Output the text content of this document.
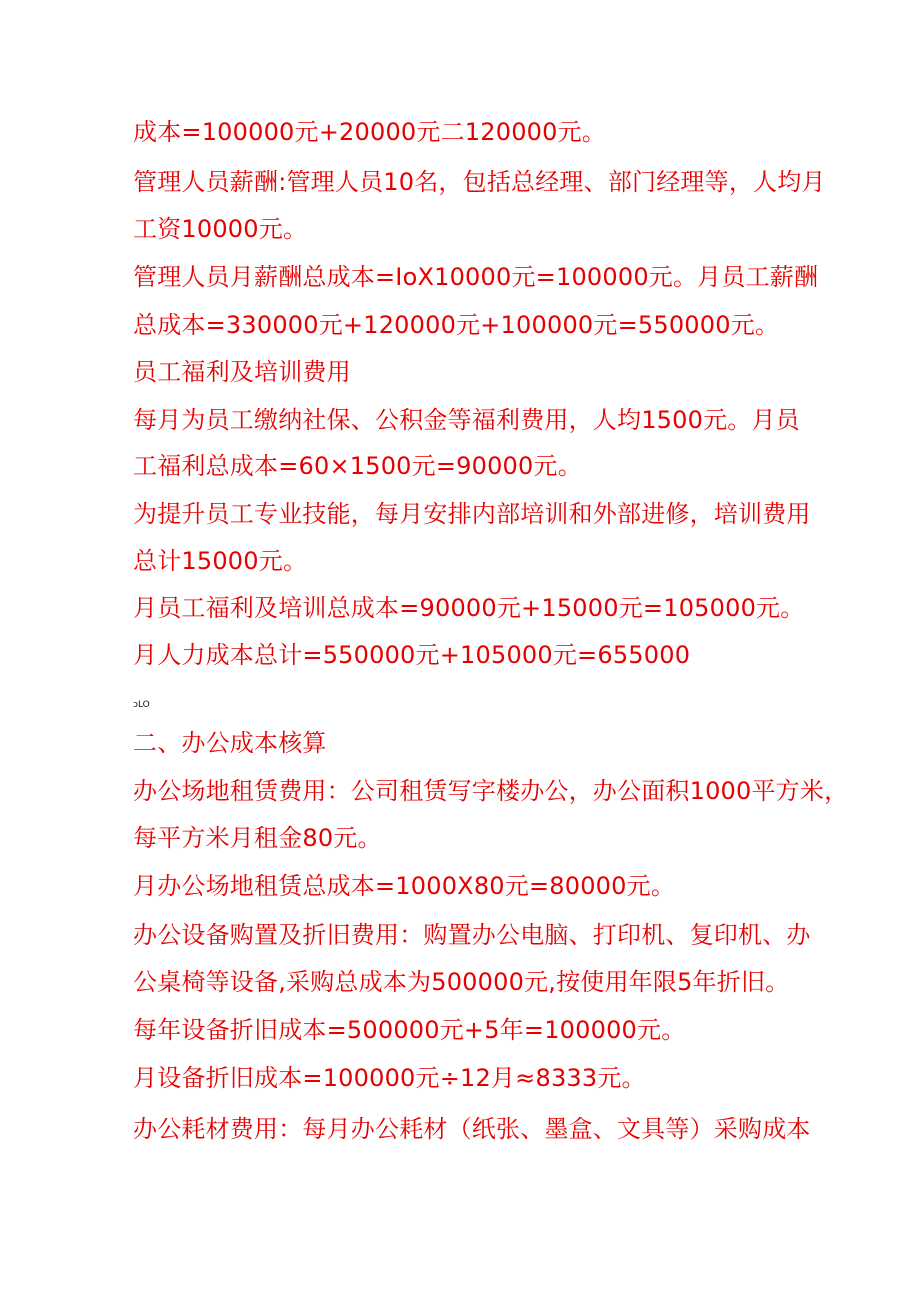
成本=100000元+20000元二120000元。
管理人员薪酬:管理人员10名，包括总经理、部门经理等，人均月
工资10000元。
管理人员月薪酬总成本=IoX10000元=100000元。月员工薪酬
总成本=330000元+120000元+100000元=550000元。
员工福利及培训费用
每月为员工缴纳社保、公积金等福利费用，人均1500元。月员
工福利总成本=60×1500元=90000元。
为提升员工专业技能，每月安排内部培训和外部进修，培训费用
总计15000元。
月员工福利及培训总成本=90000元+15000元=105000元。
月人力成本总计=550000元+105000元=655000
ɔLO
二、办公成本核算
办公场地租赁费用：公司租赁写字楼办公，办公面积1000平方米，
每平方米月租金80元。
月办公场地租赁总成本=1000X80元=80000元。
办公设备购置及折旧费用：购置办公电脑、打印机、复印机、办
公桌椅等设备,采购总成本为500000元,按使用年限5年折旧。
每年设备折旧成本=500000元+5年=100000元。
月设备折旧成本=100000元÷12月≈8333元。
办公耗材费用：每月办公耗材（纸张、墨盒、文具等）采购成本
